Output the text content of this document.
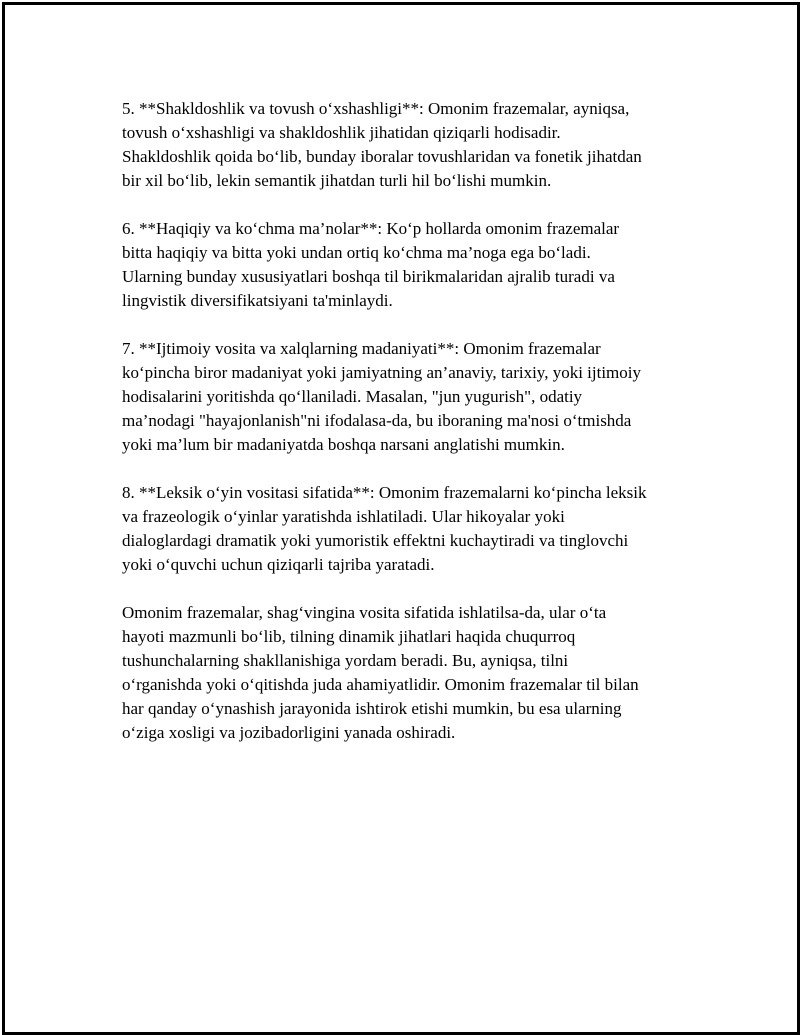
5. **Shakldoshlik va tovush o‘xshashligi**: Omonim frazemalar, ayniqsa,
tovush o‘xshashligi va shakldoshlik jihatidan qiziqarli hodisadir.
Shakldoshlik qoida bo‘lib, bunday iboralar tovushlaridan va fonetik jihatdan
bir xil bo‘lib, lekin semantik jihatdan turli hil bo‘lishi mumkin.

6. **Haqiqiy va ko‘chma ma’nolar**: Ko‘p hollarda omonim frazemalar
bitta haqiqiy va bitta yoki undan ortiq ko‘chma ma’noga ega bo‘ladi.
Ularning bunday xususiyatlari boshqa til birikmalaridan ajralib turadi va
lingvistik diversifikatsiyani ta'minlaydi.

7. **Ijtimoiy vosita va xalqlarning madaniyati**: Omonim frazemalar
ko‘pincha biror madaniyat yoki jamiyatning an’anaviy, tarixiy, yoki ijtimoiy
hodisalarini yoritishda qo‘llaniladi. Masalan, "jun yugurish", odatiy
ma’nodagi "hayajonlanish"ni ifodalasa-da, bu iboraning ma'nosi o‘tmishda
yoki ma’lum bir madaniyatda boshqa narsani anglatishi mumkin.

8. **Leksik o‘yin vositasi sifatida**: Omonim frazemalarni ko‘pincha leksik
va frazeologik o‘yinlar yaratishda ishlatiladi. Ular hikoyalar yoki
dialoglardagi dramatik yoki yumoristik effektni kuchaytiradi va tinglovchi
yoki o‘quvchi uchun qiziqarli tajriba yaratadi.

Omonim frazemalar, shag‘vingina vosita sifatida ishlatilsa-da, ular o‘ta
hayoti mazmunli bo‘lib, tilning dinamik jihatlari haqida chuqurroq
tushunchalarning shakllanishiga yordam beradi. Bu, ayniqsa, tilni
o‘rganishda yoki o‘qitishda juda ahamiyatlidir. Omonim frazemalar til bilan
har qanday o‘ynashish jarayonida ishtirok etishi mumkin, bu esa ularning
o‘ziga xosligi va jozibadorligini yanada oshiradi.
